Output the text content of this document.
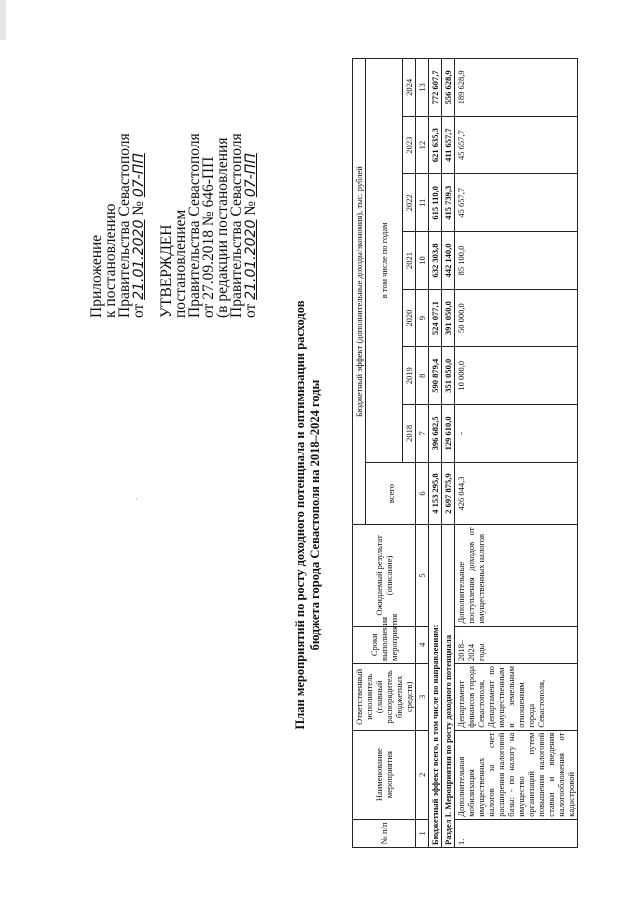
·
Приложение
к постановлению
Правительства Севастополя
от 21.01.2020 № 07-ПП
УТВЕРЖДЕН
постановлением
Правительства Севастополя
от 27.09.2018 № 646-ПП
(в редакции постановления
Правительства Севастополя
от 21.01.2020 № 07-ПП
План мероприятий по росту доходного потенциала и оптимизации расходов бюджета города Севастополя на 2018–2024 годы
№ п/п	Наименование мероприятия	Ответственный исполнитель (главный распорядитель бюджетных средств)	Сроки выполнения мероприятия	Ожидаемый результат (описание)	Бюджетный эффект (дополнительные доходы/экономия), тыс. рублей							
					всего	в том числе по годам						
						2018	2019	2020	2021	2022	2023	2024
1	2	3	4	5	6	7	8	9	10	11	12	13
Бюджетный эффект всего, в том числе по направлениям:					4 153 295,8	396 682,5	590 879,4	524 077,1	632 303,8	615 110,0	621 635,3	772 607,7
Раздел I. Мероприятия по росту доходного потенциала					2 697 875,9	129 610,0	351 050,0	391 050,0	442 140,0	415 739,3	411 657,7	556 628,9
1.	Дополнительная мобилизация имущественных налогов за счет расширения налоговой базы: - по налогу на имущество организаций путем повышения налоговой ставки и введения налогообложения от кадастровой	Департамент финансов города Севастополя, Департамент по имущественным и земельным отношениям города Севастополя,	2018–2024 годы	Дополнительные поступления доходов от имущественных налогов	426 044,3	-	10 000,0	50 000,0	85 100,0	45 657,7	45 657,7	189 628,9
